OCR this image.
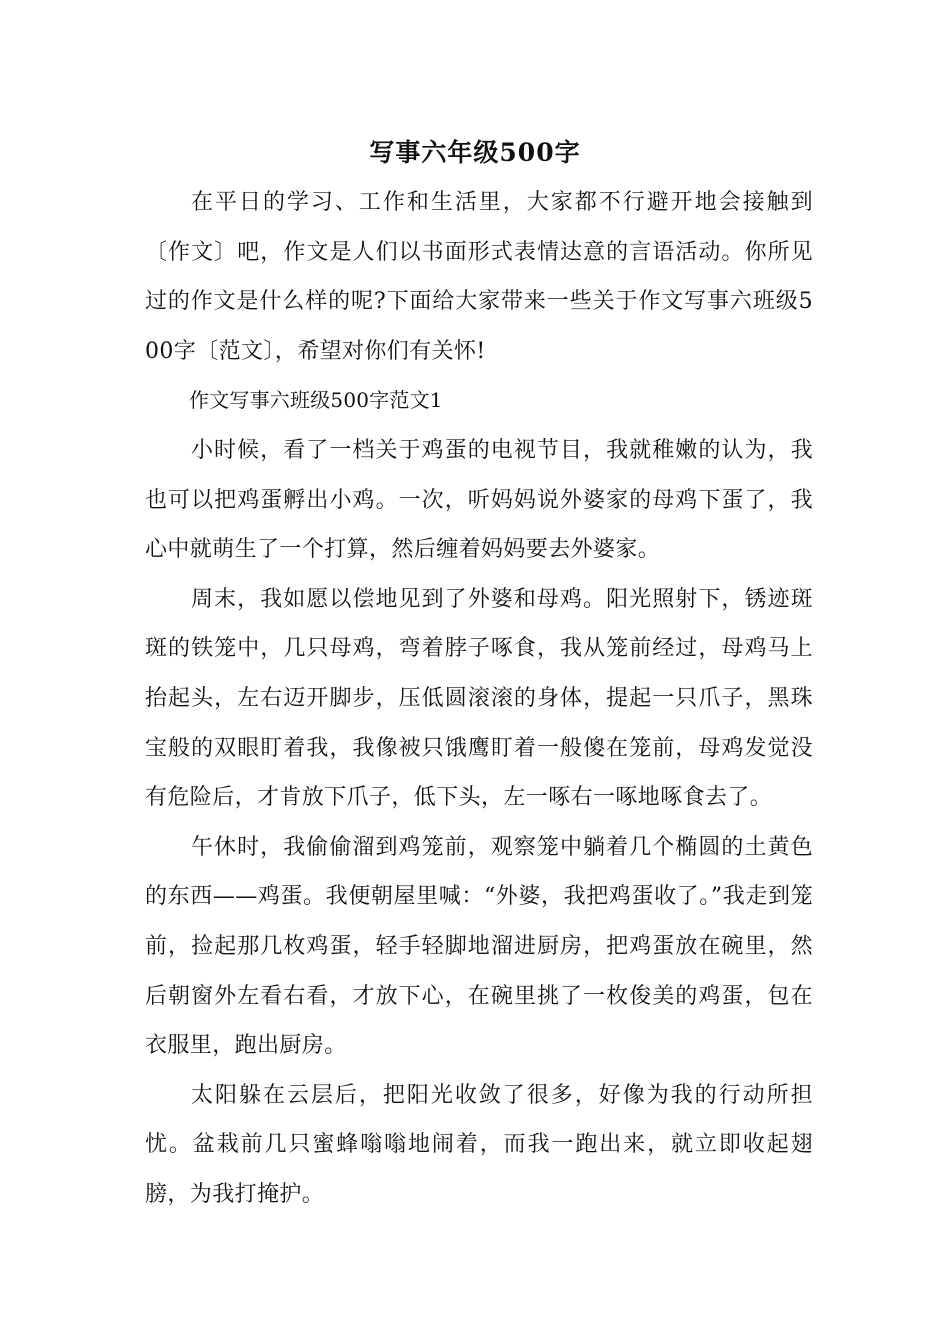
写事六年级500字

在平日的学习、工作和生活里，大家都不行避开地会接触到〔作文〕吧，作文是人们以书面形式表情达意的言语活动。你所见过的作文是什么样的呢?下面给大家带来一些关于作文写事六班级500字〔范文〕，希望对你们有关怀!

作文写事六班级500字范文1

小时候，看了一档关于鸡蛋的电视节目，我就稚嫩的认为，我也可以把鸡蛋孵出小鸡。一次，听妈妈说外婆家的母鸡下蛋了，我心中就萌生了一个打算，然后缠着妈妈要去外婆家。

周末，我如愿以偿地见到了外婆和母鸡。阳光照射下，锈迹斑斑的铁笼中，几只母鸡，弯着脖子啄食，我从笼前经过，母鸡马上抬起头，左右迈开脚步，压低圆滚滚的身体，提起一只爪子，黑珠宝般的双眼盯着我，我像被只饿鹰盯着一般傻在笼前，母鸡发觉没有危险后，才肯放下爪子，低下头，左一啄右一啄地啄食去了。

午休时，我偷偷溜到鸡笼前，观察笼中躺着几个椭圆的土黄色的东西——鸡蛋。我便朝屋里喊：“外婆，我把鸡蛋收了。”我走到笼前，捡起那几枚鸡蛋，轻手轻脚地溜进厨房，把鸡蛋放在碗里，然后朝窗外左看右看，才放下心，在碗里挑了一枚俊美的鸡蛋，包在衣服里，跑出厨房。

太阳躲在云层后，把阳光收敛了很多，好像为我的行动所担忧。盆栽前几只蜜蜂嗡嗡地闹着，而我一跑出来，就立即收起翅膀，为我打掩护。
